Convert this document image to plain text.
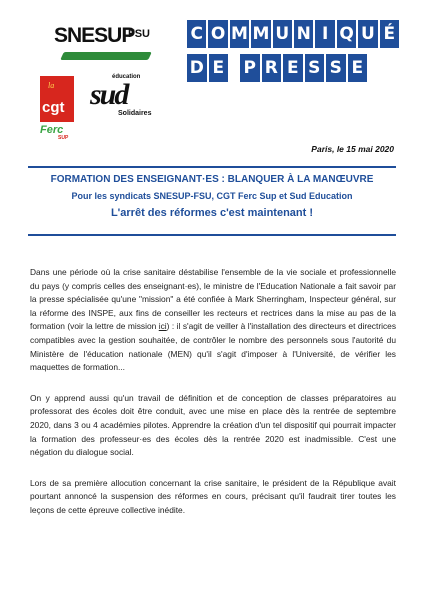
SNESUP
FSU
la
cgt
Ferc
SUP
éducation
sud
Solidaires
C O M M U N I Q U É
D E P R E S S E
Paris, le 15 mai 2020
FORMATION DES ENSEIGNANT·ES : BLANQUER À LA MANŒUVRE
Pour les syndicats SNESUP-FSU, CGT Ferc Sup et Sud Education
L'arrêt des réformes c'est maintenant !

Dans une période où la crise sanitaire déstabilise l'ensemble de la vie sociale et professionnelle du pays (y compris celles des enseignant·es), le ministre de l'Education Nationale a fait savoir par la presse spécialisée qu'une "mission" a été confiée à Mark Sherringham, Inspecteur général, sur la réforme des INSPE, aux fins de conseiller les recteurs et rectrices dans la mise au pas de la formation (voir la lettre de mission ici) : il s'agit de veiller à l'installation des directeurs et directrices compatibles avec la gestion souhaitée, de contrôler le nombre des personnels sous l'autorité du Ministère de l'éducation nationale (MEN) qu'il s'agit d'imposer à l'Université, de vérifier les maquettes de formation...

On y apprend aussi qu'un travail de définition et de conception de classes préparatoires au professorat des écoles doit être conduit, avec une mise en place dès la rentrée de septembre 2020, dans 3 ou 4 académies pilotes. Apprendre la création d'un tel dispositif qui pourrait impacter la formation des professeur·es des écoles dès la rentrée 2020 est inadmissible. C'est une négation du dialogue social.

Lors de sa première allocution concernant la crise sanitaire, le président de la République avait pourtant annoncé la suspension des réformes en cours, précisant qu'il faudrait tirer toutes les leçons de cette épreuve collective inédite.
